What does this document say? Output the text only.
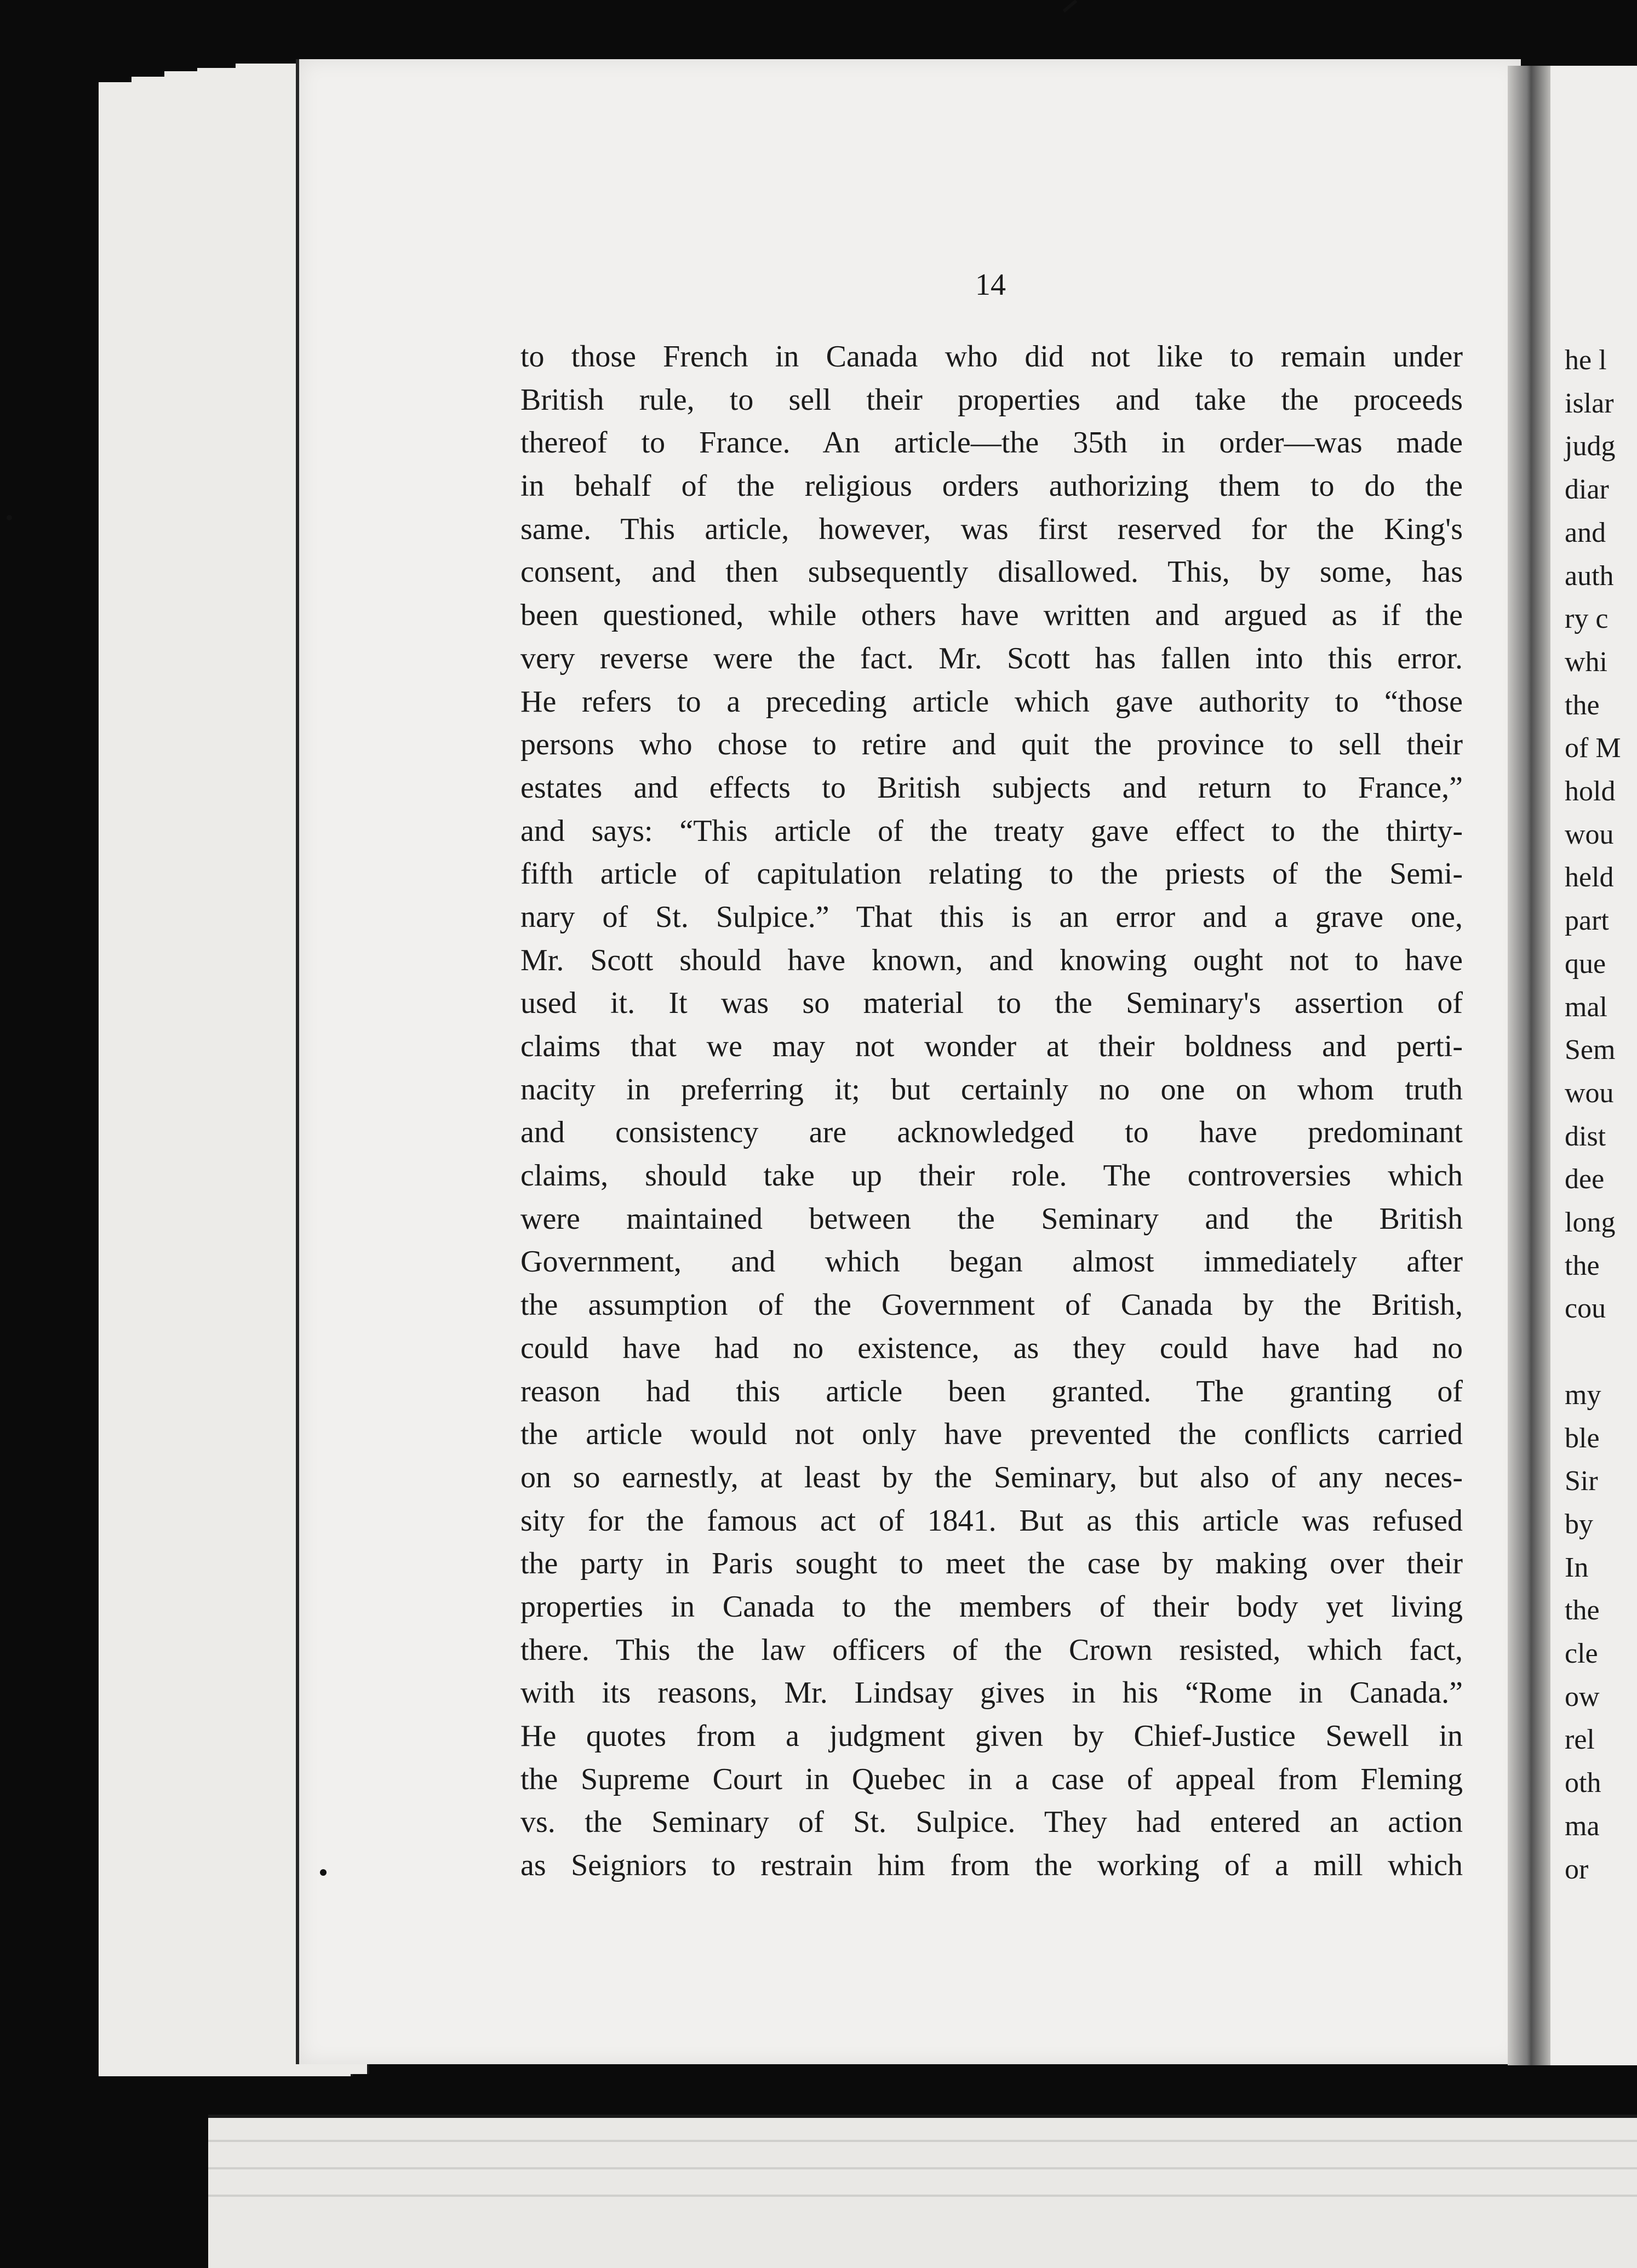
14
to those French in Canada who did not like to remain under
British rule, to sell their properties and take the proceeds
thereof to France. An article—the 35th in order—was made
in behalf of the religious orders authorizing them to do the
same. This article, however, was first reserved for the King's
consent, and then subsequently disallowed. This, by some, has
been questioned, while others have written and argued as if the
very reverse were the fact. Mr. Scott has fallen into this error.
He refers to a preceding article which gave authority to “those
persons who chose to retire and quit the province to sell their
estates and effects to British subjects and return to France,”
and says: “This article of the treaty gave effect to the thirty-
fifth article of capitulation relating to the priests of the Semi-
nary of St. Sulpice.” That this is an error and a grave one,
Mr. Scott should have known, and knowing ought not to have
used it. It was so material to the Seminary's assertion of
claims that we may not wonder at their boldness and perti-
nacity in preferring it; but certainly no one on whom truth
and consistency are acknowledged to have predominant
claims, should take up their role. The controversies which
were maintained between the Seminary and the British
Government, and which began almost immediately after
the assumption of the Government of Canada by the British,
could have had no existence, as they could have had no
reason had this article been granted. The granting of
the article would not only have prevented the conflicts carried
on so earnestly, at least by the Seminary, but also of any neces-
sity for the famous act of 1841. But as this article was refused
the party in Paris sought to meet the case by making over their
properties in Canada to the members of their body yet living
there. This the law officers of the Crown resisted, which fact,
with its reasons, Mr. Lindsay gives in his “Rome in Canada.”
He quotes from a judgment given by Chief-Justice Sewell in
the Supreme Court in Quebec in a case of appeal from Fleming
vs. the Seminary of St. Sulpice. They had entered an action
as Seigniors to restrain him from the working of a mill which
he l
islar
judg
diar
and
auth
ry c
whi
the
of M
hold
wou
held
part
que
mal
Sem
wou
dist
dee
long
the
cou
my
ble
Sir
by
In
the
cle
ow
rel
oth
ma
or
